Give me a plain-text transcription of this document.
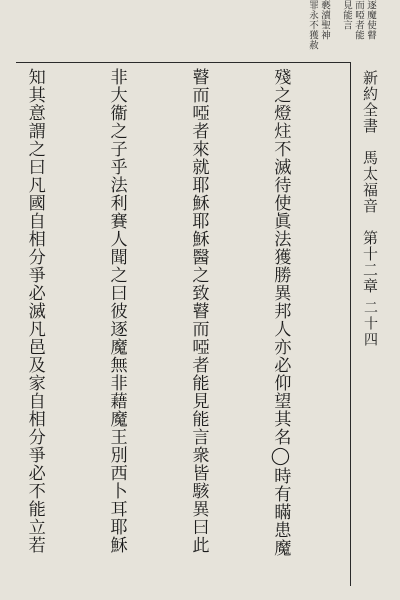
新約全書　馬太福音　第十二章
二十四
逐魔使瞽
而啞者能
見能言
褻瀆聖神
罪永不獲赦

殘之燈炷不滅待使眞法獲勝異邦人亦必仰望其名◯時有瞞患魔

瞽而啞者來就耶穌耶穌醫之致瞽而啞者能見能言衆皆駭異曰此

非大衞之子乎法利賽人聞之曰彼逐魔無非藉魔王別西卜耳耶穌

知其意謂之曰凡國自相分爭必滅凡邑及家自相分爭必不能立若
